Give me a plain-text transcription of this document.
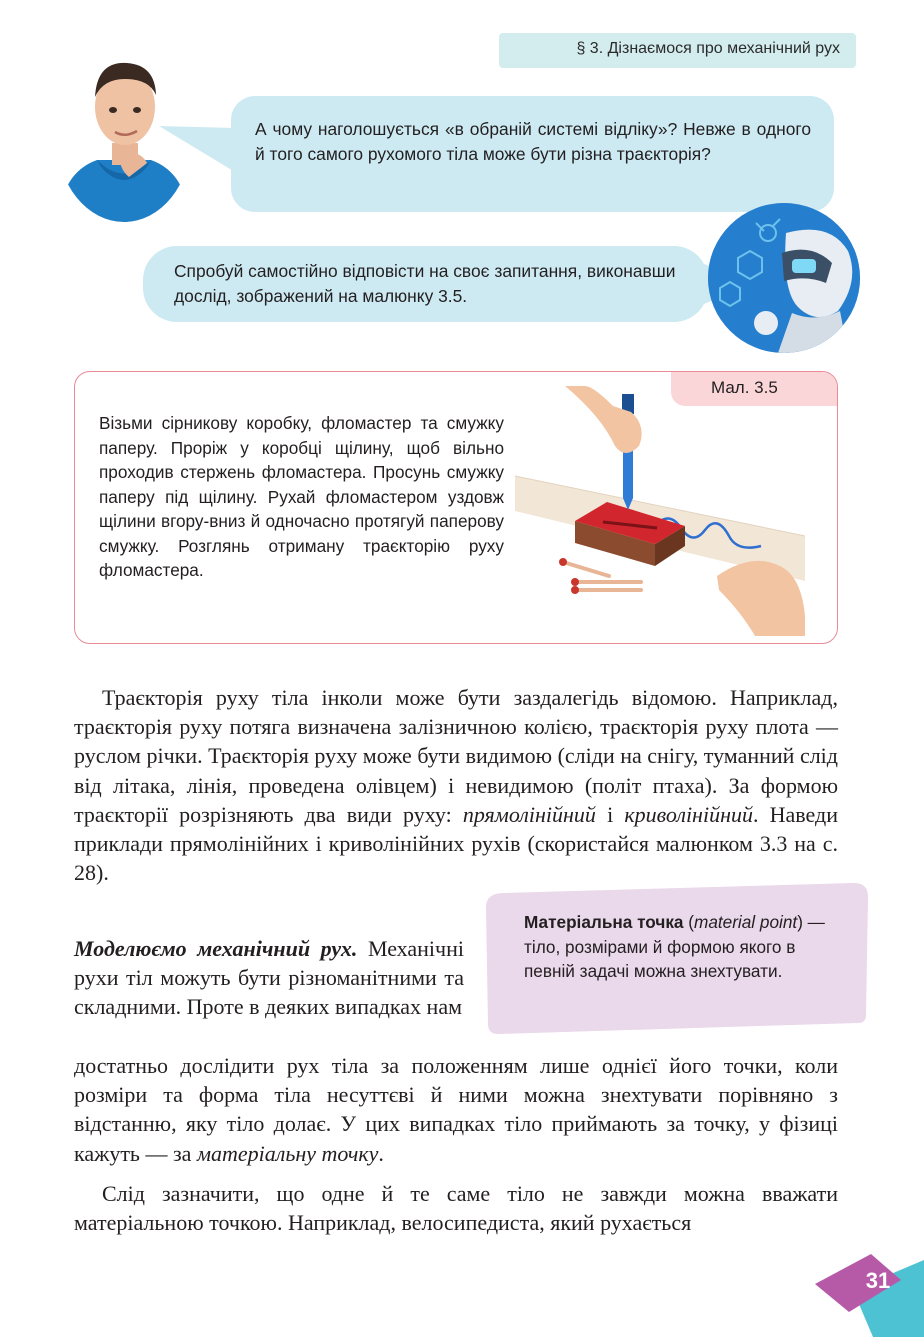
§ 3. Дізнаємося про механічний рух

А чому наголошується «в обраній системі відліку»? Невже в одного й того самого рухомого тіла може бути різна траєкторія?

Спробуй самостійно відповісти на своє запитання, виконавши дослід, зображений на малюнку 3.5.

Мал. 3.5

Візьми сірникову коробку, фломастер та смужку паперу. Проріж у коробці щілину, щоб вільно проходив стержень фломастера. Просунь смужку паперу під щілину. Рухай фломастером уздовж щілини вгору-вниз й одночасно протягуй паперову смужку. Розглянь отриману траєкторію руху фломастера.

Траєкторія руху тіла інколи може бути заздалегідь відомою. Наприклад, траєкторія руху потяга визначена залізничною колією, траєкторія руху плота — руслом річки. Траєкторія руху може бути видимою (сліди на снігу, туманний слід від літака, лінія, проведена олівцем) і невидимою (політ птаха). За формою траєкторії розрізняють два види руху: прямолінійний і криволінійний. Наведи приклади прямолінійних і криволінійних рухів (скористайся малюнком 3.3 на с. 28).

Матеріальна точка (material point) — тіло, розмірами й формою якого в певній задачі можна знехтувати.

Моделюємо механічний рух. Механічні рухи тіл можуть бути різноманітними та складними. Проте в деяких випадках нам

достатньо дослідити рух тіла за положенням лише однієї його точки, коли розміри та форма тіла несуттєві й ними можна знехтувати порівняно з відстанню, яку тіло долає. У цих випадках тіло приймають за точку, у фізиці кажуть — за матеріальну точку.

Слід зазначити, що одне й те саме тіло не завжди можна вважати матеріальною точкою. Наприклад, велосипедиста, який рухається

31
